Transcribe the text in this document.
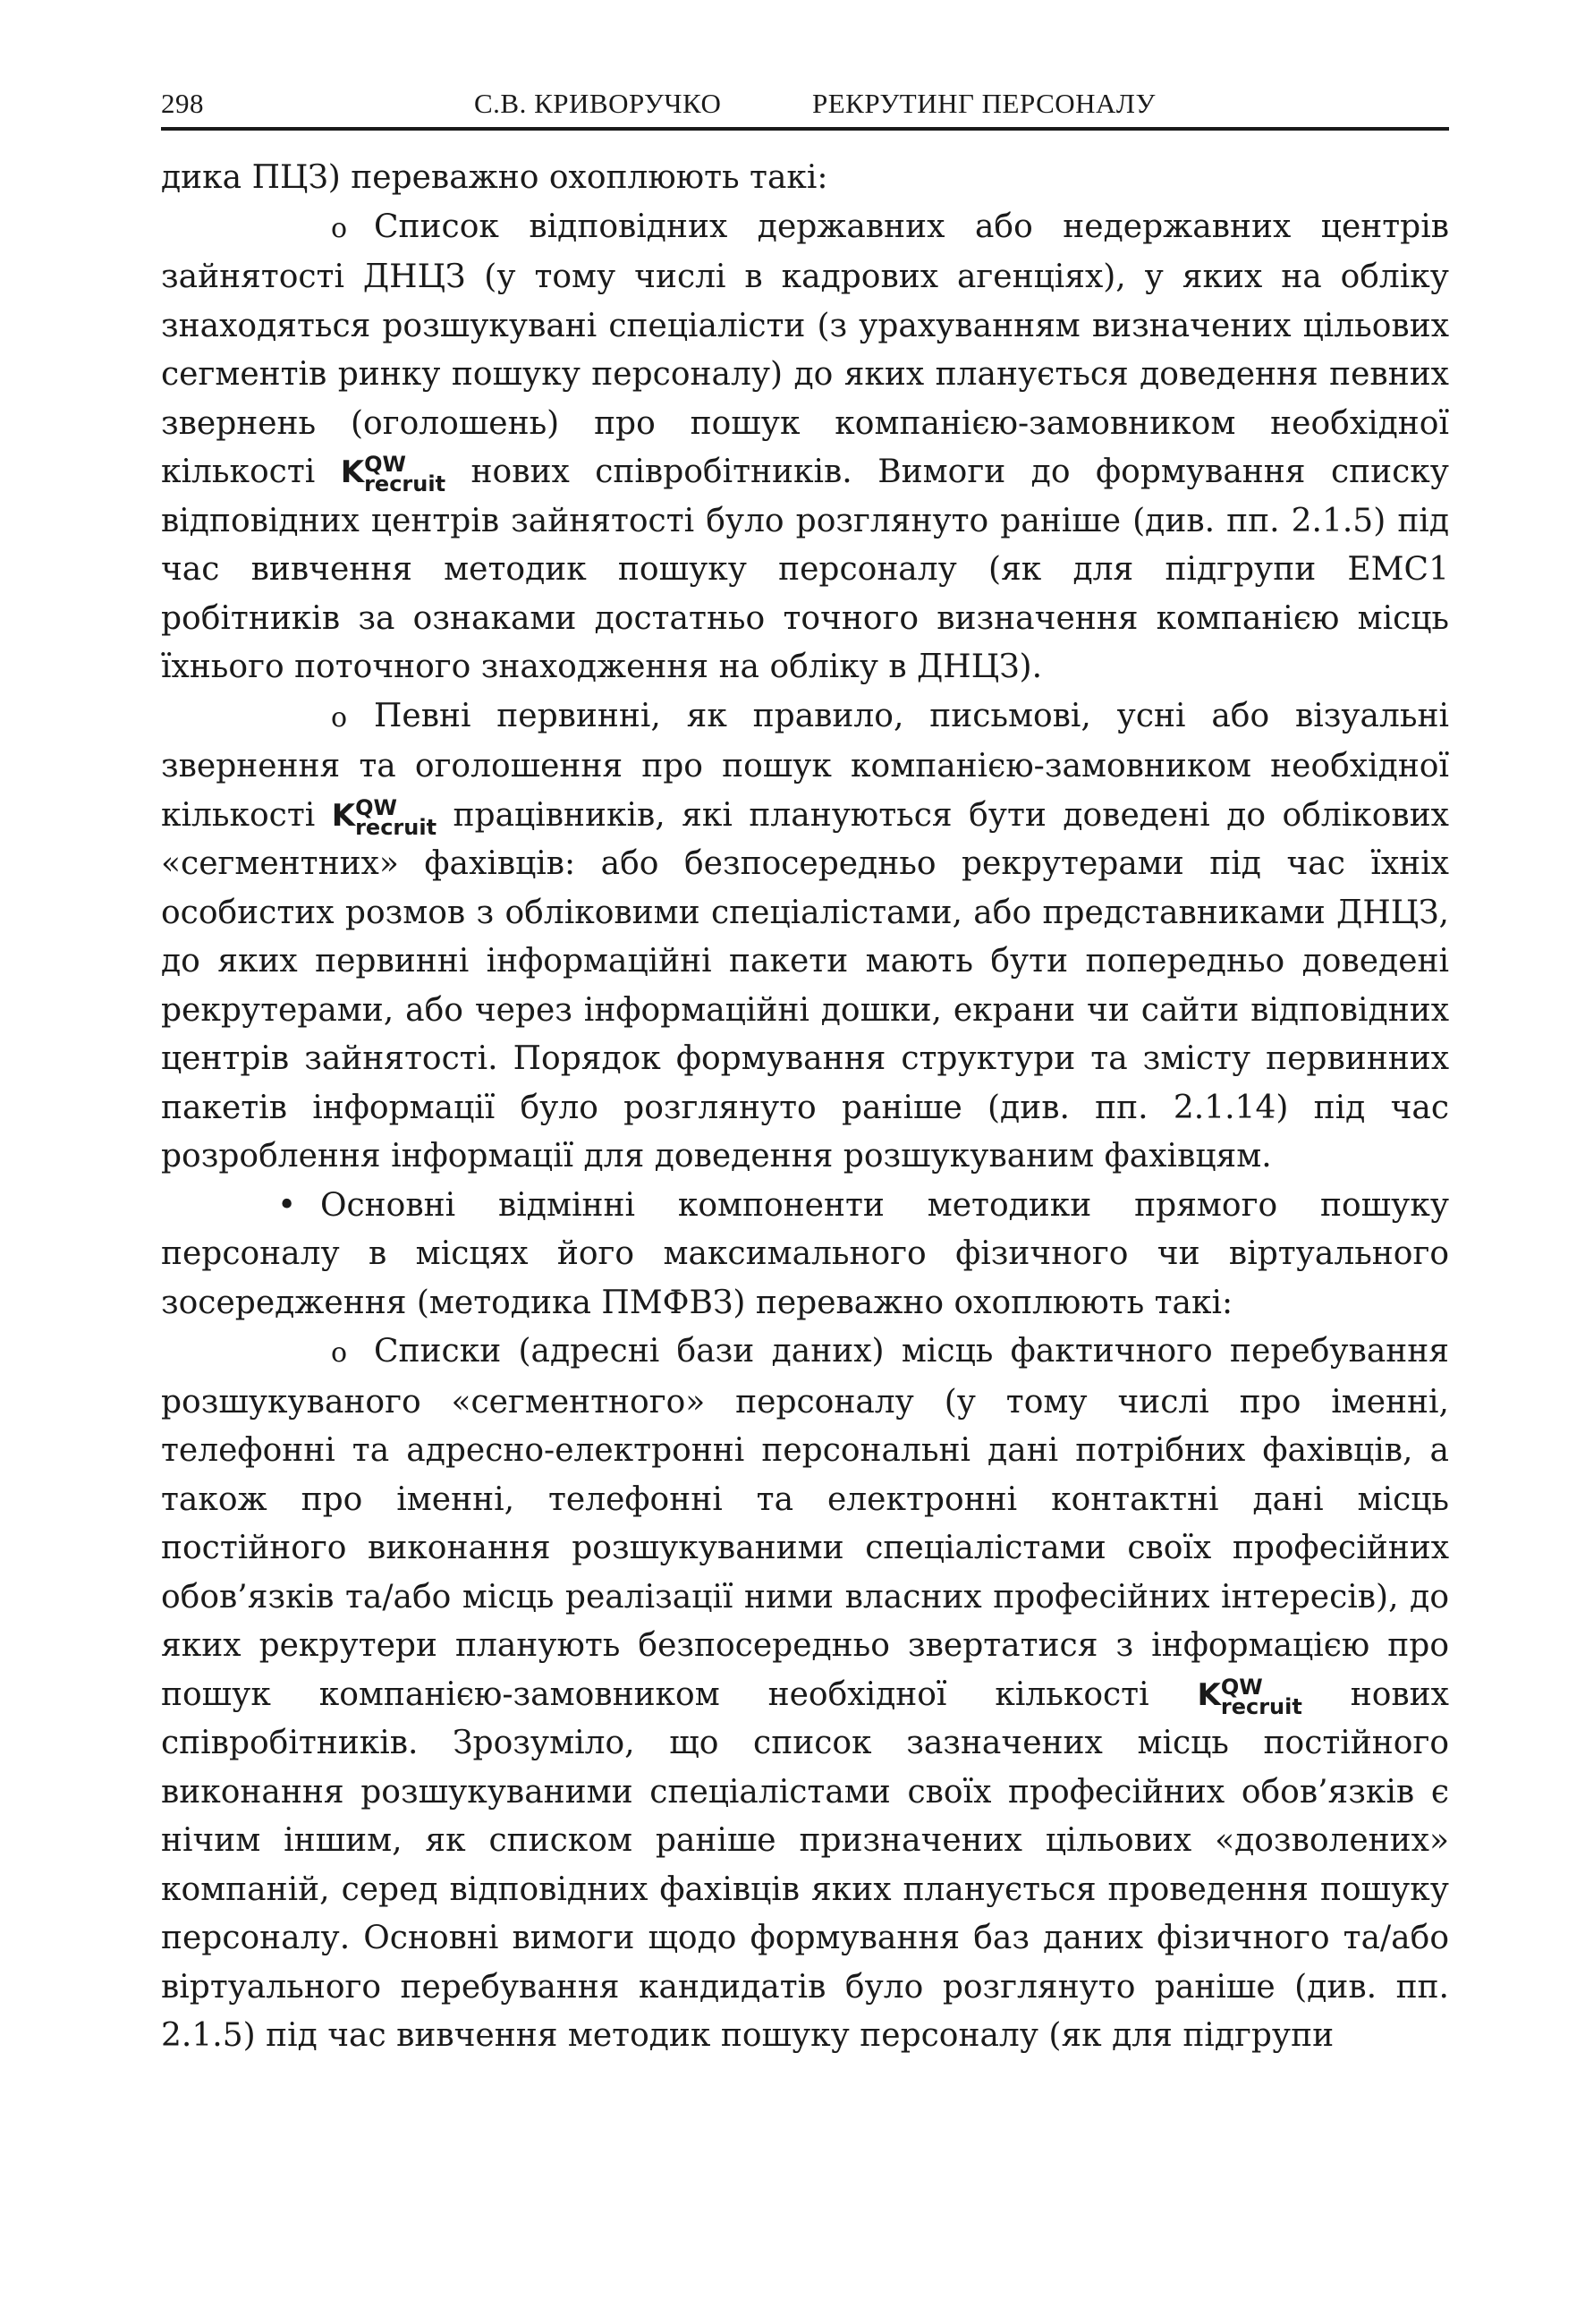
298	С.В. КРИВОРУЧКО	РЕКРУТИНГ ПЕРСОНАЛУ

дика ПЦЗ) переважно охоплюють такі:

o Список відповідних державних або недержавних центрів зайнятості ДНЦЗ (у тому числі в кадрових агенціях), у яких на обліку знаходяться розшукувані спеціалісти (з урахуванням визначених цільових сегментів ринку пошуку персоналу) до яких планується доведення певних звернень (оголошень) про пошук компанією-замовником необхідної кількості K QW
recruit нових співробітників. Вимоги до формування списку відповідних центрів зайнятості було розглянуто раніше (див. пп. 2.1.5) під час вивчення методик пошуку персоналу (як для підгрупи ЕМС1 робітників за ознаками достатньо точного визначення компанією місць їхнього поточного знаходження на обліку в ДНЦЗ).

o Певні первинні, як правило, письмові, усні або візуальні звернення та оголошення про пошук компанією-замовником необхідної кількості K QW
recruit працівників, які плануються бути доведені до облікових «сегментних» фахівців: або безпосередньо рекрутерами під час їхніх особистих розмов з обліковими спеціалістами, або представниками ДНЦЗ, до яких первинні інформаційні пакети мають бути попередньо доведені рекрутерами, або через інформаційні дошки, екрани чи сайти відповідних центрів зайнятості. Порядок формування структури та змісту первинних пакетів інформації було розглянуто раніше (див. пп. 2.1.14) під час розроблення інформації для доведення розшукуваним фахівцям.

• Основні відмінні компоненти методики прямого пошуку персоналу в місцях його максимального фізичного чи віртуального зосередження (методика ПМФВЗ) переважно охоплюють такі:

o Списки (адресні бази даних) місць фактичного перебування розшукуваного «сегментного» персоналу (у тому числі про іменні, телефонні та адресно-електронні персональні дані потрібних фахівців, а також про іменні, телефонні та електронні контактні дані місць постійного виконання розшукуваними спеціалістами своїх професійних обов’язків та/або місць реалізації ними власних професійних інтересів), до яких рекрутери планують безпосередньо звертатися з інформацією про пошук компанією-замовником необхідної кількості K QW
recruit нових співробітників. Зрозуміло, що список зазначених місць постійного виконання розшукуваними спеціалістами своїх професійних обов’язків є нічим іншим, як списком раніше призначених цільових «дозволених» компаній, серед відповідних фахівців яких планується проведення пошуку персоналу. Основні вимоги щодо формування баз даних фізичного та/або віртуального перебування кандидатів було розглянуто раніше (див. пп. 2.1.5) під час вивчення методик пошуку персоналу (як для підгрупи
